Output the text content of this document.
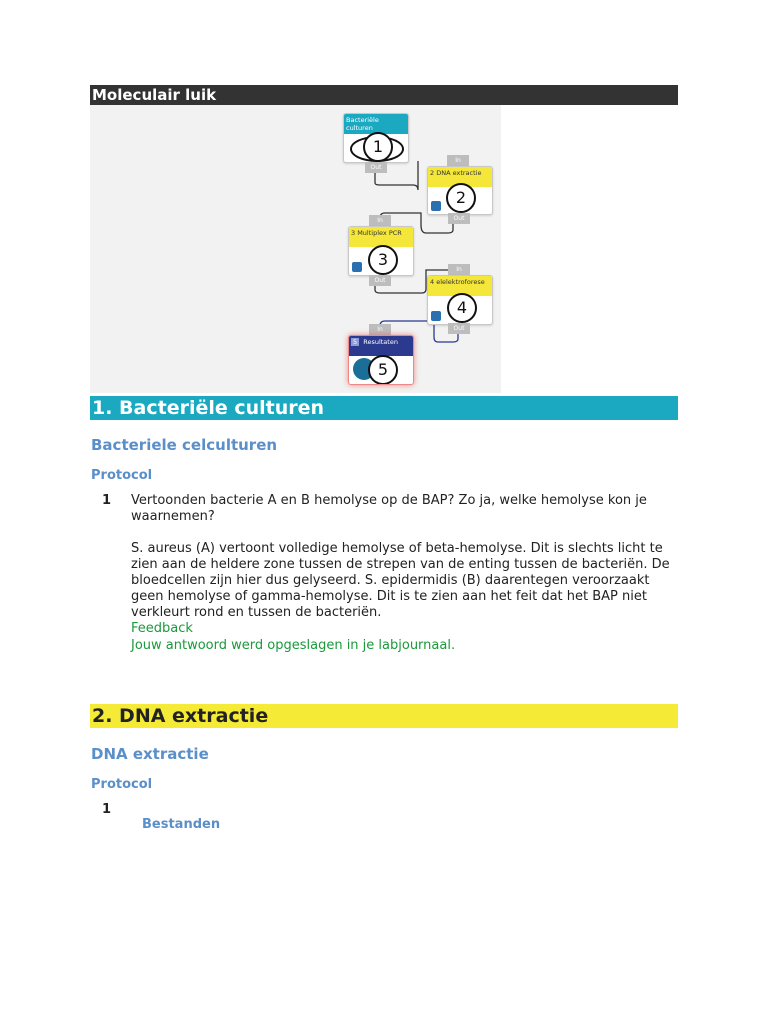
Moleculair luik
Bacteriële culturen
1
Out
In
2 DNA extractie
2
Out
In
3 Multiplex PCR
3
Out
In
4 elelektroforese
4
Out
In
5 Resultaten
5
1. Bacteriële culturen
Bacteriele celculturen
Protocol
1 Vertoonden bacterie A en B hemolyse op de BAP? Zo ja, welke hemolyse kon je waarnemen?

S. aureus (A) vertoont volledige hemolyse of beta-hemolyse. Dit is slechts licht te zien aan de heldere zone tussen de strepen van de enting tussen de bacteriën. De bloedcellen zijn hier dus gelyseerd. S. epidermidis (B) daarentegen veroorzaakt geen hemolyse of gamma-hemolyse. Dit is te zien aan het feit dat het BAP niet verkleurt rond en tussen de bacteriën.

Feedback

Jouw antwoord werd opgeslagen in je labjournaal.

2. DNA extractie
DNA extractie
Protocol
1
Bestanden
